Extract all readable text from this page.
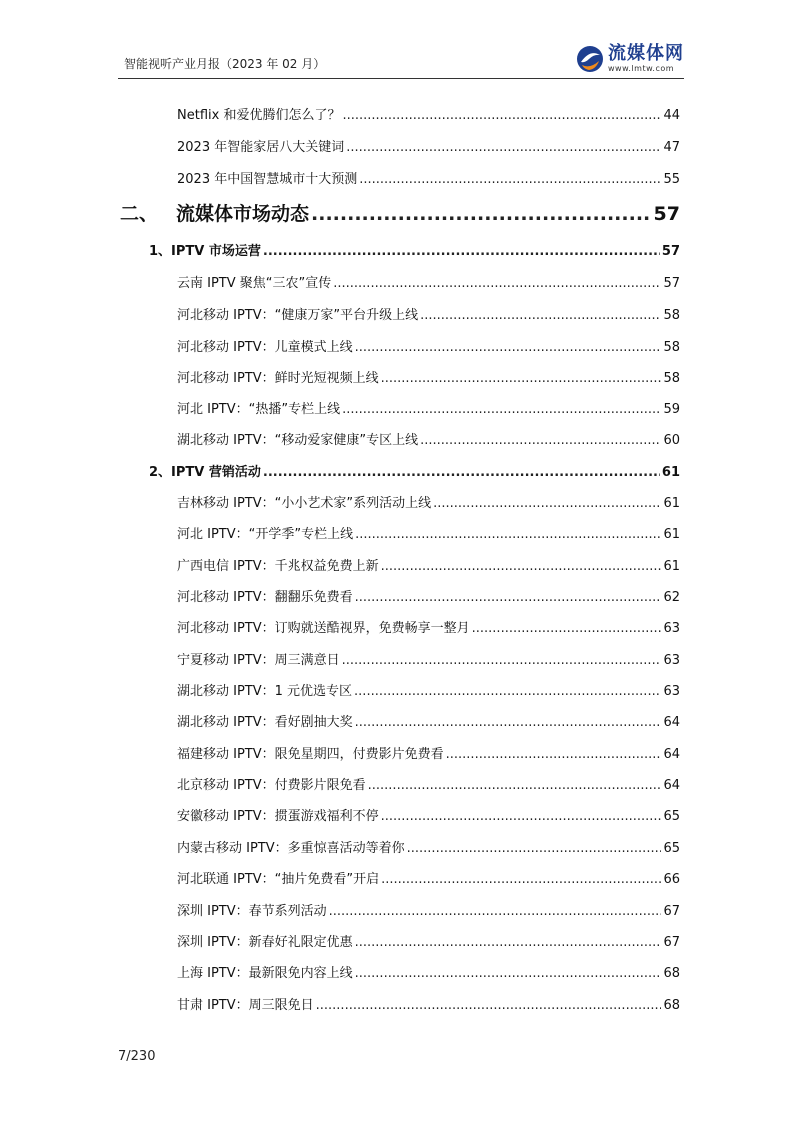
智能视听产业月报（2023 年 02 月）	流媒体网
www.lmtw.com
Netflix 和爱优腾们怎么了？ .....	44
2023 年智能家居八大关键词 .....	47
2023 年中国智慧城市十大预测 .....	55
二、 流媒体市场动态 .....	57
1、IPTV 市场运营 .....	57
云南 IPTV 聚焦“三农”宣传 .....	57
河北移动 IPTV：“健康万家”平台升级上线 .....	58
河北移动 IPTV：儿童模式上线 .....	58
河北移动 IPTV：鲜时光短视频上线 .....	58
河北 IPTV：“热播”专栏上线 .....	59
湖北移动 IPTV：“移动爱家健康”专区上线 .....	60
2、IPTV 营销活动 .....	61
吉林移动 IPTV：“小小艺术家”系列活动上线 .....	61
河北 IPTV：“开学季”专栏上线 .....	61
广西电信 IPTV：千兆权益免费上新 .....	61
河北移动 IPTV：翻翻乐免费看 .....	62
河北移动 IPTV：订购就送酷视界，免费畅享一整月 .....	63
宁夏移动 IPTV：周三满意日 .....	63
湖北移动 IPTV：1 元优选专区 .....	63
湖北移动 IPTV：看好剧抽大奖 .....	64
福建移动 IPTV：限免星期四，付费影片免费看 .....	64
北京移动 IPTV：付费影片限免看 .....	64
安徽移动 IPTV：掼蛋游戏福利不停 .....	65
内蒙古移动 IPTV：多重惊喜活动等着你 .....	65
河北联通 IPTV：“抽片免费看”开启 .....	66
深圳 IPTV：春节系列活动 .....	67
深圳 IPTV：新春好礼限定优惠 .....	67
上海 IPTV：最新限免内容上线 .....	68
甘肃 IPTV：周三限免日 .....	68
7/230
